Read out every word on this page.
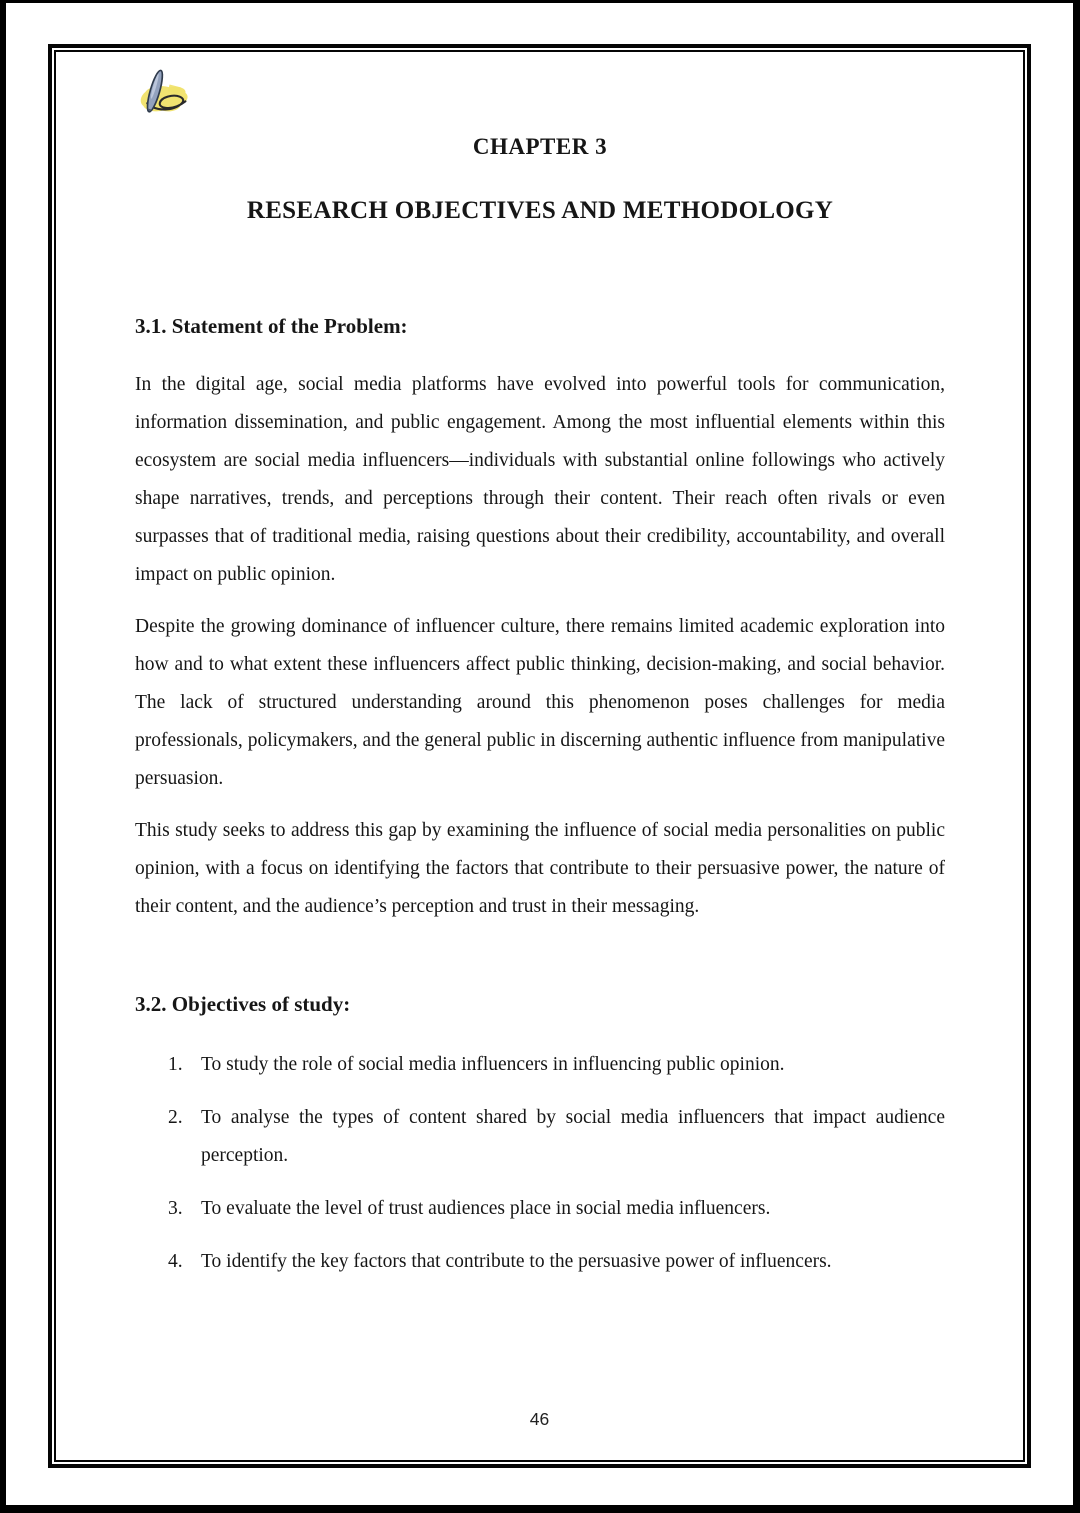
CHAPTER 3
RESEARCH OBJECTIVES AND METHODOLOGY
3.1. Statement of the Problem:

In the digital age, social media platforms have evolved into powerful tools for communication, information dissemination, and public engagement. Among the most influential elements within this ecosystem are social media influencers—individuals with substantial online followings who actively shape narratives, trends, and perceptions through their content. Their reach often rivals or even surpasses that of traditional media, raising questions about their credibility, accountability, and overall impact on public opinion.

Despite the growing dominance of influencer culture, there remains limited academic exploration into how and to what extent these influencers affect public thinking, decision-making, and social behavior. The lack of structured understanding around this phenomenon poses challenges for media professionals, policymakers, and the general public in discerning authentic influence from manipulative persuasion.

This study seeks to address this gap by examining the influence of social media personalities on public opinion, with a focus on identifying the factors that contribute to their persuasive power, the nature of their content, and the audience’s perception and trust in their messaging.

3.2. Objectives of study:
1. To study the role of social media influencers in influencing public opinion.
2. To analyse the types of content shared by social media influencers that impact audience perception.
3. To evaluate the level of trust audiences place in social media influencers.
4. To identify the key factors that contribute to the persuasive power of influencers.
46
